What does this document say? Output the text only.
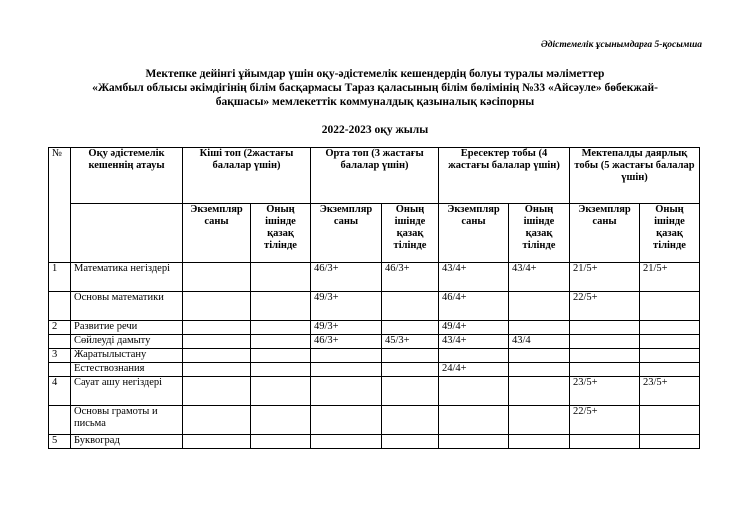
Әдістемелік ұсынымдарға 5-қосымша
Мектепке дейінгі ұйымдар үшін оқу-әдістемелік кешендердің болуы туралы мәліметтер
«Жамбыл облысы әкімдігінің білім басқармасы Тараз қаласының білім бөлімінің №33 «Айсәуле» бөбекжай-
бақшасы» мемлекеттік коммуналдық қазыналық кәсіпорны
2022-2023 оқу жылы
№	Оқу әдістемелік кешеннің атауы	Кіші топ (2жастағы балалар үшін)		Орта топ (3 жастағы балалар үшін)		Ересектер тобы (4 жастағы балалар үшін)		Мектепалды даярлық тобы (5 жастағы балалар үшін)	
		Экземпляр саны	Оның ішінде қазақ тілінде	Экземпляр саны	Оның ішінде қазақ тілінде	Экземпляр саны	Оның ішінде қазақ тілінде	Экземпляр саны	Оның ішінде қазақ тілінде
1	Математика негіздері			46/3+	46/3+	43/4+	43/4+	21/5+	21/5+
	Основы математики			49/3+		46/4+		22/5+	
2	Развитие речи			49/3+		49/4+			
	Сөйлеуді дамыту			46/3+	45/3+	43/4+	43/4		
3	Жаратылыстану								
	Естествознания					24/4+			
4	Сауат ашу негіздері							23/5+	23/5+
	Основы грамоты и письма							22/5+	
5	Буквоград								
